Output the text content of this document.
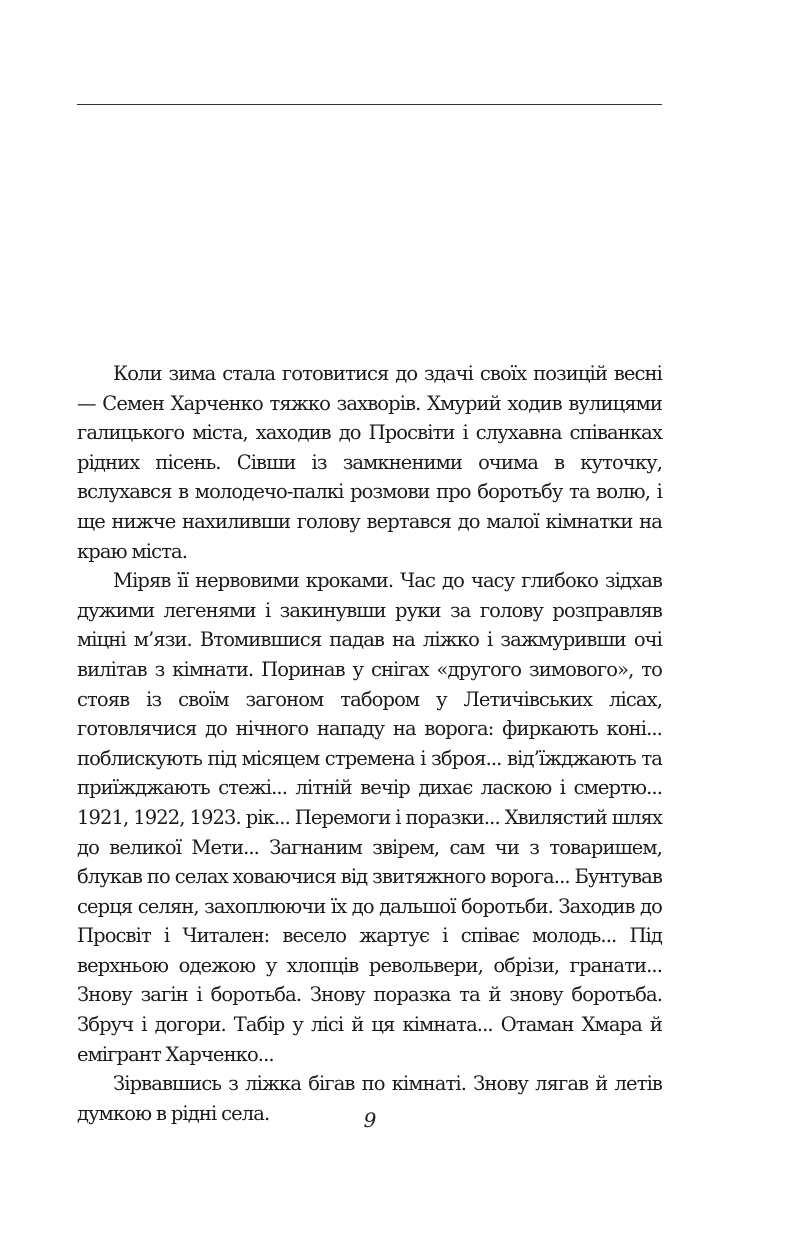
Коли зима стала готовитися до здачі своїх позицій весні — Семен Харченко тяжко захворів. Хмурий ходив вулицями галицького міста, хаходив до Просвіти і слухавна співанках рідних пісень. Сівши із замкненими очима в куточку, вслухався в молодечо-палкі розмови про боротьбу та волю, і ще нижче нахиливши голову вертався до малої кімнатки на краю міста.

Міряв її нервовими кроками. Час до часу глибоко зідхав дужими легенями і закинувши руки за голову розправляв міцні м’язи. Втомившися падав на ліжко і зажмуривши очі вилітав з кімнати. Поринав у снігах «другого зимового», то стояв із своїм загоном табором у Летичівських лісах, готовлячися до нічного нападу на ворога: фиркають коні... поблискують під місяцем стремена і зброя... від’їжджають та приїжджають стежі... літній вечір дихає ласкою і смертю... 1921, 1922, 1923. рік... Перемоги і поразки... Хвилястий шлях до великої Мети... Загнаним звірем, сам чи з товаришем, блукав по селах ховаючися від звитяжного ворога... Бунтував серця селян, захоплюючи їх до дальшої боротьби. Заходив до Просвіт і Читален: весело жартує і співає молодь... Під верхньою одежою у хлопців револьвери, обрізи, гранати... Знову загін і боротьба. Знову поразка та й знову боротьба. Збруч і догори. Табір у лісі й ця кімната... Отаман Хмара й емігрант Харченко...

Зірвавшись з ліжка бігав по кімнаті. Знову лягав й летів думкою в рідні села.	9
